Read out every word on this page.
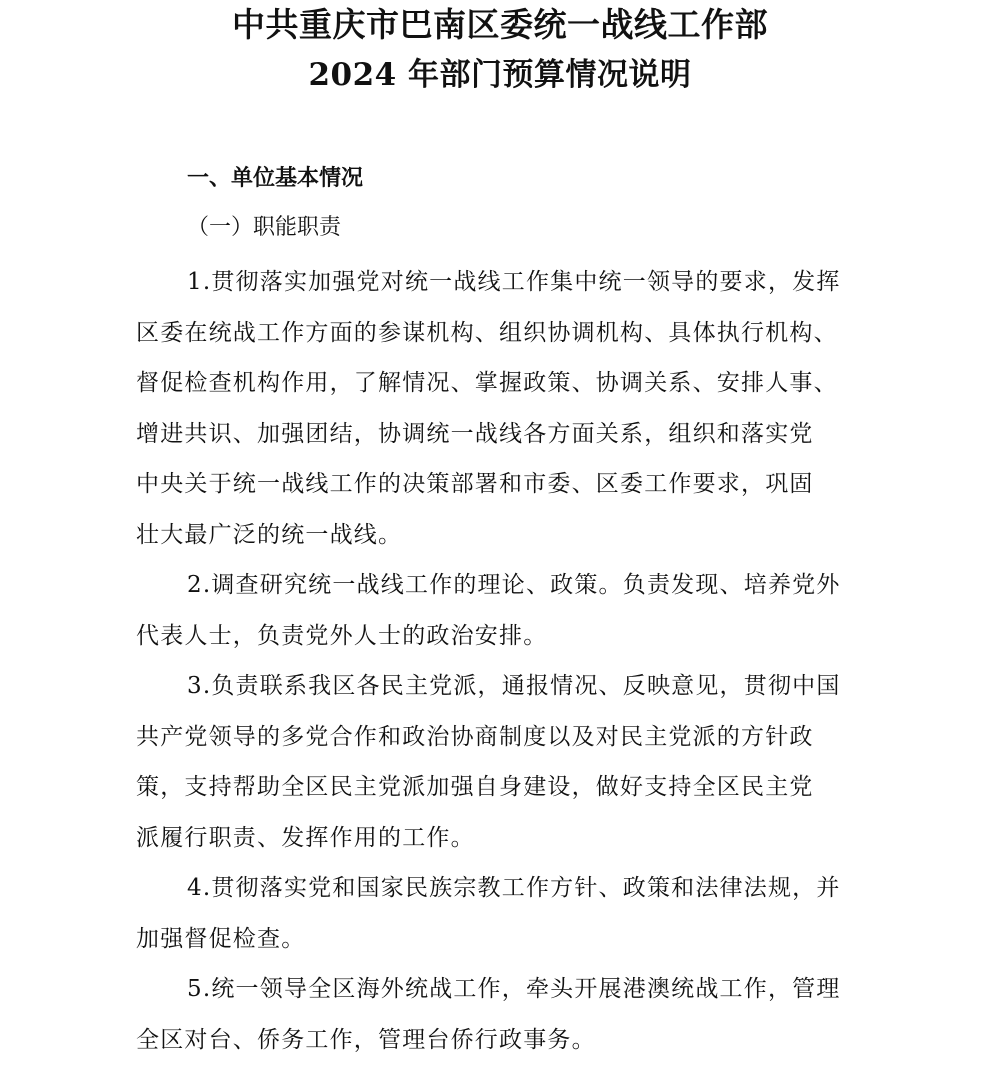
中共重庆市巴南区委统一战线工作部
2024 年部门预算情况说明
一、单位基本情况
（一）职能职责
1.贯彻落实加强党对统一战线工作集中统一领导的要求，发挥
区委在统战工作方面的参谋机构、组织协调机构、具体执行机构、
督促检查机构作用，了解情况、掌握政策、协调关系、安排人事、
增进共识、加强团结，协调统一战线各方面关系，组织和落实党
中央关于统一战线工作的决策部署和市委、区委工作要求，巩固
壮大最广泛的统一战线。
2.调查研究统一战线工作的理论、政策。负责发现、培养党外
代表人士，负责党外人士的政治安排。
3.负责联系我区各民主党派，通报情况、反映意见，贯彻中国
共产党领导的多党合作和政治协商制度以及对民主党派的方针政
策，支持帮助全区民主党派加强自身建设，做好支持全区民主党
派履行职责、发挥作用的工作。
4.贯彻落实党和国家民族宗教工作方针、政策和法律法规，并
加强督促检查。
5.统一领导全区海外统战工作，牵头开展港澳统战工作，管理
全区对台、侨务工作，管理台侨行政事务。
